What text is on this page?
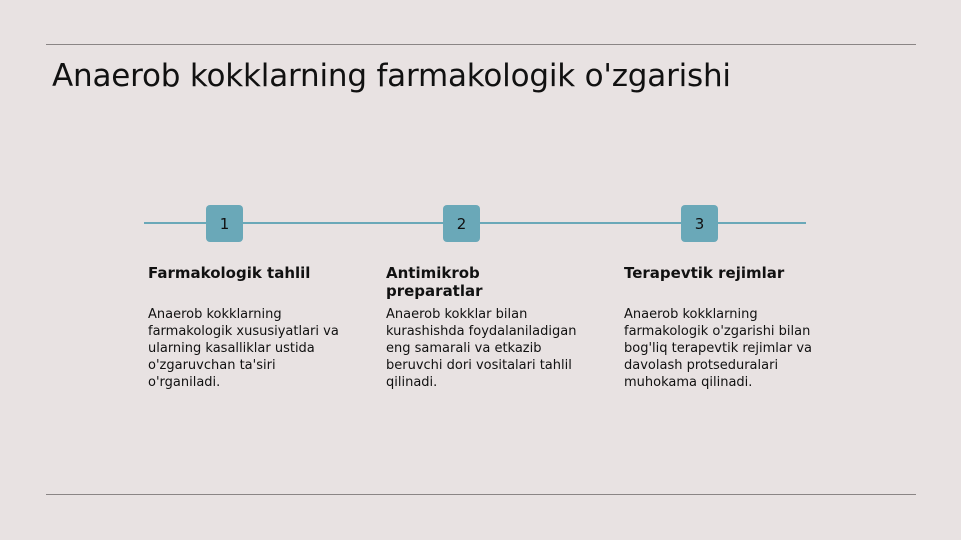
Anaerob kokklarning farmakologik o'zgarishi
1	2	3
Farmakologik tahlil
Anaerob kokklarning farmakologik xususiyatlari va ularning kasalliklar ustida o'zgaruvchan ta'siri o'rganiladi.
Antimikrob preparatlar
Anaerob kokklar bilan kurashishda foydalaniladigan eng samarali va etkazib beruvchi dori vositalari tahlil qilinadi.
Terapevtik rejimlar
Anaerob kokklarning farmakologik o'zgarishi bilan bog'liq terapevtik rejimlar va davolash protseduralari muhokama qilinadi.
